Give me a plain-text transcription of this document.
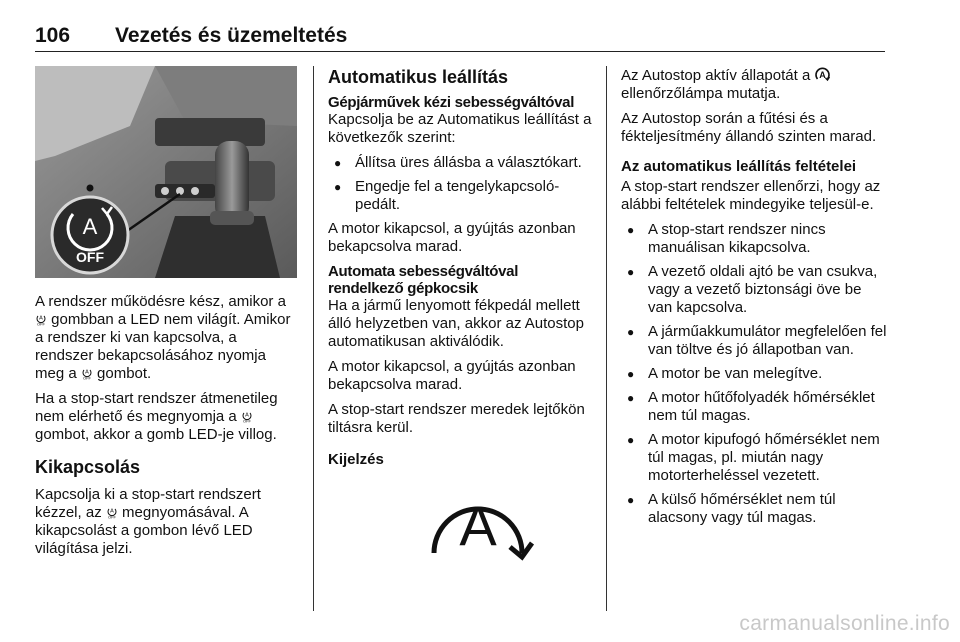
106 Vezetés és üzemeltetés
A
OFF

A rendszer működésre kész, amikor a
A
OFF gombban a LED nem világít. Amikor a rendszer ki van kapcsolva, a rendszer bekapcsolásához nyomja meg a A
OFF gombot.

Ha a stop-start rendszer átmenetileg nem elérhető és megnyomja a A
OFF
gombot, akkor a gomb LED-je villog.

Kikapcsolás

Kapcsolja ki a stop-start rendszert kézzel, az A
OFF megnyomásával. A kikapcsolást a gombon lévő LED világítása jelzi.

Automatikus leállítás

Gépjárművek kézi sebességváltóval

Kapcsolja be az Automatikus leállítást a következők szerint:

● Állítsa üres állásba a választókart.
● Engedje fel a tengelykapcsoló-pedált.

A motor kikapcsol, a gyújtás azonban bekapcsolva marad.

Automata sebességváltóval

rendelkező gépkocsik

Ha a jármű lenyomott fékpedál mellett álló helyzetben van, akkor az Autostop automatikusan aktiválódik.

A motor kikapcsol, a gyújtás azonban bekapcsolva marad.

A stop-start rendszer meredek lejtőkön tiltásra kerül.

Kijelzés
A

Az Autostop aktív állapotát a A
ellenőrzőlámpa mutatja.

Az Autostop során a fűtési és a fékteljesítmény állandó szinten marad.

Az automatikus leállítás feltételei

A stop-start rendszer ellenőrzi, hogy az alábbi feltételek mindegyike teljesül-e.

● A stop-start rendszer nincs manuálisan kikapcsolva.
● A vezető oldali ajtó be van csukva, vagy a vezető biztonsági öve be van kapcsolva.
● A járműakkumulátor megfelelően fel van töltve és jó állapotban van.
● A motor be van melegítve.
● A motor hűtőfolyadék hőmérséklet nem túl magas.
● A motor kipufogó hőmérséklet nem túl magas, pl. miután nagy motorterheléssel vezetett.
● A külső hőmérséklet nem túl alacsony vagy túl magas.
carmanualsonline.info
